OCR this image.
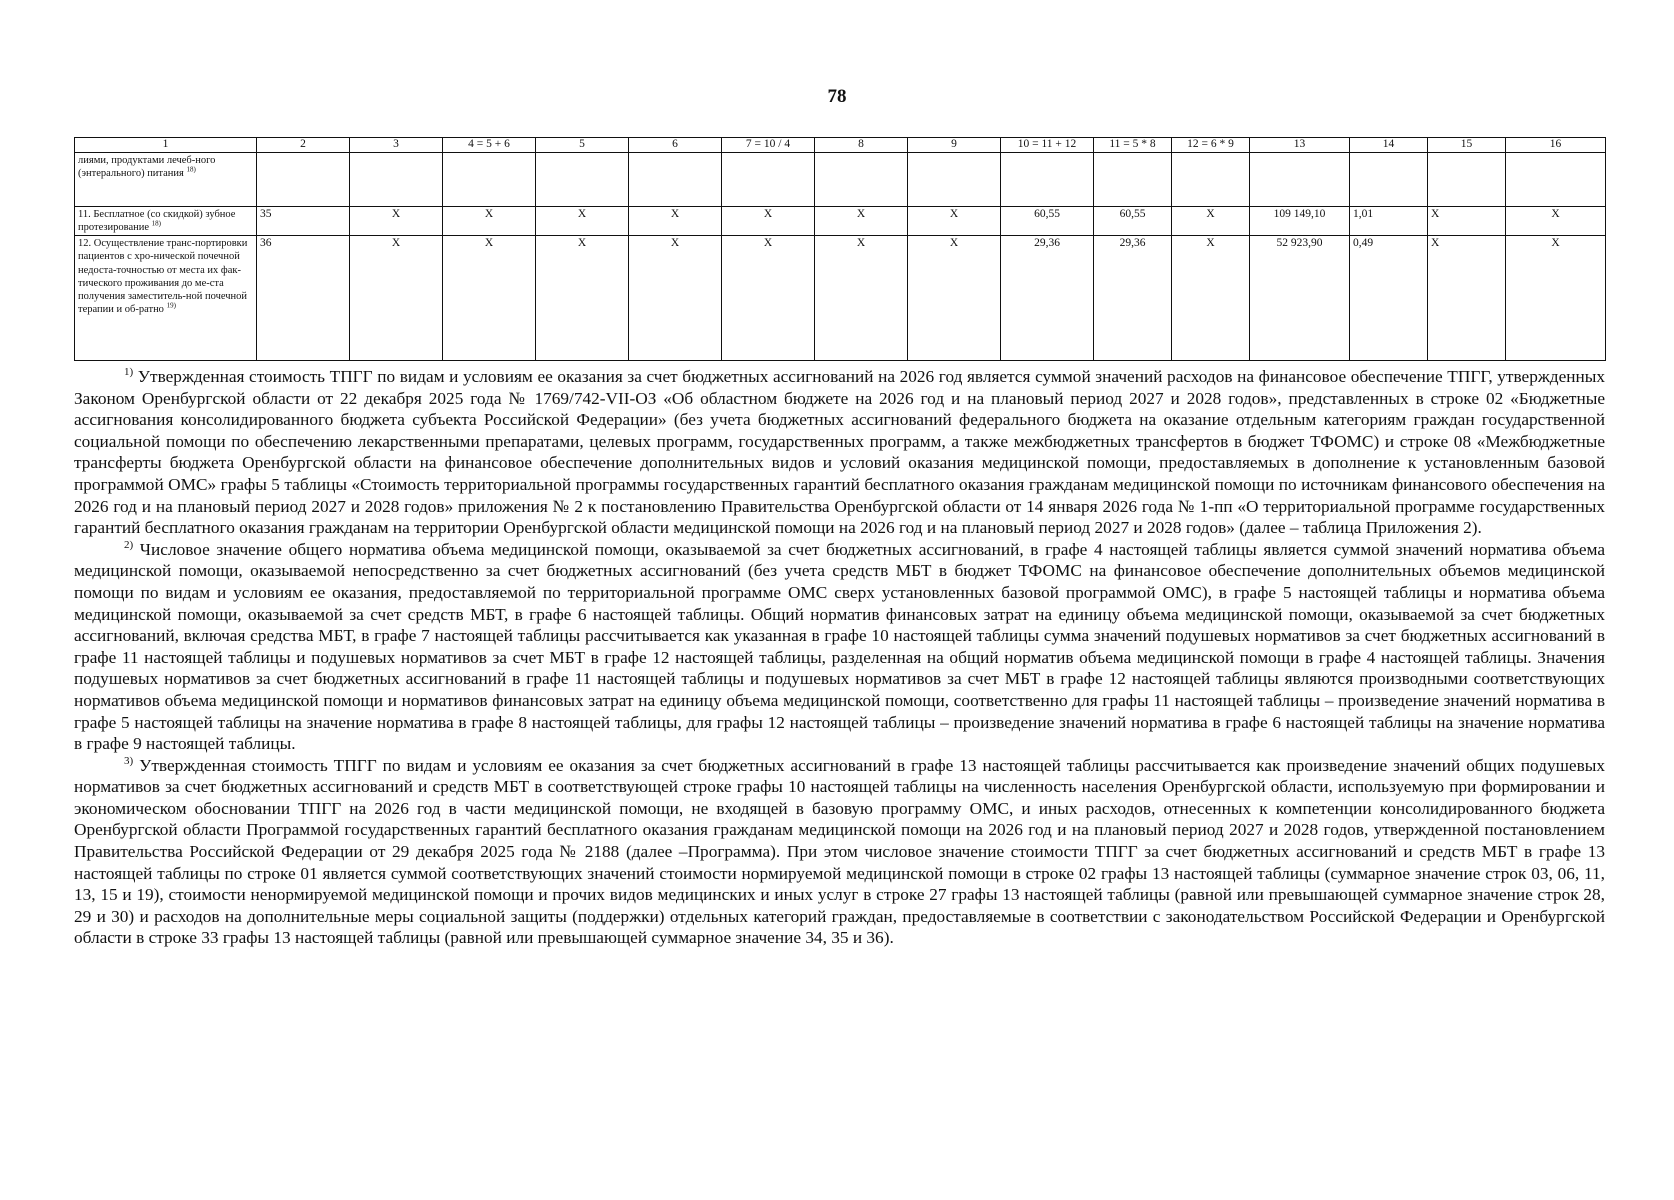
78
1	2	3	4 = 5 + 6	5	6	7 = 10 / 4	8	9	10 = 11 + 12	11 = 5 * 8	12 = 6 * 9	13	14	15	16
лиями, продуктами лечеб-ного (энтерального) питания $^{18)}$															
11. Бесплатное (со скидкой) зубное протезирование $^{18)}$	35	X	X	X	X	X	X	X	60,55	60,55	X	109 149,10	1,01	X	X
12. Осуществление транс-портировки пациентов с хро-нической почечной недоста-точностью от места их фак-тического проживания до ме-ста получения заместитель-ной почечной терапии и об-ратно $^{19)}$	36	X	X	X	X	X	X	X	29,36	29,36	X	52 923,90	0,49	X	X

$^{1)}$ Утвержденная стоимость ТПГГ по видам и условиям ее оказания за счет бюджетных ассигнований на 2026 год является суммой значений расходов на финансовое обеспечение ТПГГ, утвержденных Законом Оренбургской области от 22 декабря 2025 года № 1769/742-VII-ОЗ «Об областном бюджете на 2026 год и на плановый период 2027 и 2028 годов», представленных в строке 02 «Бюджетные ассигнования консолидированного бюджета субъекта Российской Федерации» (без учета бюджетных ассигнований федерального бюджета на оказание отдельным категориям граждан государственной социальной помощи по обеспечению лекарственными препаратами, целевых программ, государственных программ, а также межбюджетных трансфертов в бюджет ТФОМС) и строке 08 «Межбюджетные трансферты бюджета Оренбургской области на финансовое обеспечение дополнительных видов и условий оказания медицинской помощи, предоставляемых в дополнение к установленным базовой программой ОМС» графы 5 таблицы «Стоимость территориальной программы государственных гарантий бесплатного оказания гражданам медицинской помощи по источникам финансового обеспечения на 2026 год и на плановый период 2027 и 2028 годов» приложения № 2 к постановлению Правительства Оренбургской области от 14 января 2026 года № 1-пп «О территориальной программе государственных гарантий бесплатного оказания гражданам на территории Оренбургской области медицинской помощи на 2026 год и на плановый период 2027 и 2028 годов» (далее – таблица Приложения 2).

$^{2)}$ Числовое значение общего норматива объема медицинской помощи, оказываемой за счет бюджетных ассигнований, в графе 4 настоящей таблицы является суммой значений норматива объема медицинской помощи, оказываемой непосредственно за счет бюджетных ассигнований (без учета средств МБТ в бюджет ТФОМС на финансовое обеспечение дополнительных объемов медицинской помощи по видам и условиям ее оказания, предоставляемой по территориальной программе ОМС сверх установленных базовой программой ОМС), в графе 5 настоящей таблицы и норматива объема медицинской помощи, оказываемой за счет средств МБТ, в графе 6 настоящей таблицы. Общий норматив финансовых затрат на единицу объема медицинской помощи, оказываемой за счет бюджетных ассигнований, включая средства МБТ, в графе 7 настоящей таблицы рассчитывается как указанная в графе 10 настоящей таблицы сумма значений подушевых нормативов за счет бюджетных ассигнований в графе 11 настоящей таблицы и подушевых нормативов за счет МБТ в графе 12 настоящей таблицы, разделенная на общий норматив объема медицинской помощи в графе 4 настоящей таблицы. Значения подушевых нормативов за счет бюджетных ассигнований в графе 11 настоящей таблицы и подушевых нормативов за счет МБТ в графе 12 настоящей таблицы являются производными соответствующих нормативов объема медицинской помощи и нормативов финансовых затрат на единицу объема медицинской помощи, соответственно для графы 11 настоящей таблицы – произведение значений норматива в графе 5 настоящей таблицы на значение норматива в графе 8 настоящей таблицы, для графы 12 настоящей таблицы – произведение значений норматива в графе 6 настоящей таблицы на значение норматива в графе 9 настоящей таблицы.

$^{3)}$ Утвержденная стоимость ТПГГ по видам и условиям ее оказания за счет бюджетных ассигнований в графе 13 настоящей таблицы рассчитывается как произведение значений общих подушевых нормативов за счет бюджетных ассигнований и средств МБТ в соответствующей строке графы 10 настоящей таблицы на численность населения Оренбургской области, используемую при формировании и экономическом обосновании ТПГГ на 2026 год в части медицинской помощи, не входящей в базовую программу ОМС, и иных расходов, отнесенных к компетенции консолидированного бюджета Оренбургской области Программой государственных гарантий бесплатного оказания гражданам медицинской помощи на 2026 год и на плановый период 2027 и 2028 годов, утвержденной постановлением Правительства Российской Федерации от 29 декабря 2025 года № 2188 (далее –Программа). При этом числовое значение стоимости ТПГГ за счет бюджетных ассигнований и средств МБТ в графе 13 настоящей таблицы по строке 01 является суммой соответствующих значений стоимости нормируемой медицинской помощи в строке 02 графы 13 настоящей таблицы (суммарное значение строк 03, 06, 11, 13, 15 и 19), стоимости ненормируемой медицинской помощи и прочих видов медицинских и иных услуг в строке 27 графы 13 настоящей таблицы (равной или превышающей суммарное значение строк 28, 29 и 30) и расходов на дополнительные меры социальной защиты (поддержки) отдельных категорий граждан, предоставляемые в соответствии с законодательством Российской Федерации и Оренбургской области в строке 33 графы 13 настоящей таблицы (равной или превышающей суммарное значение 34, 35 и 36).
